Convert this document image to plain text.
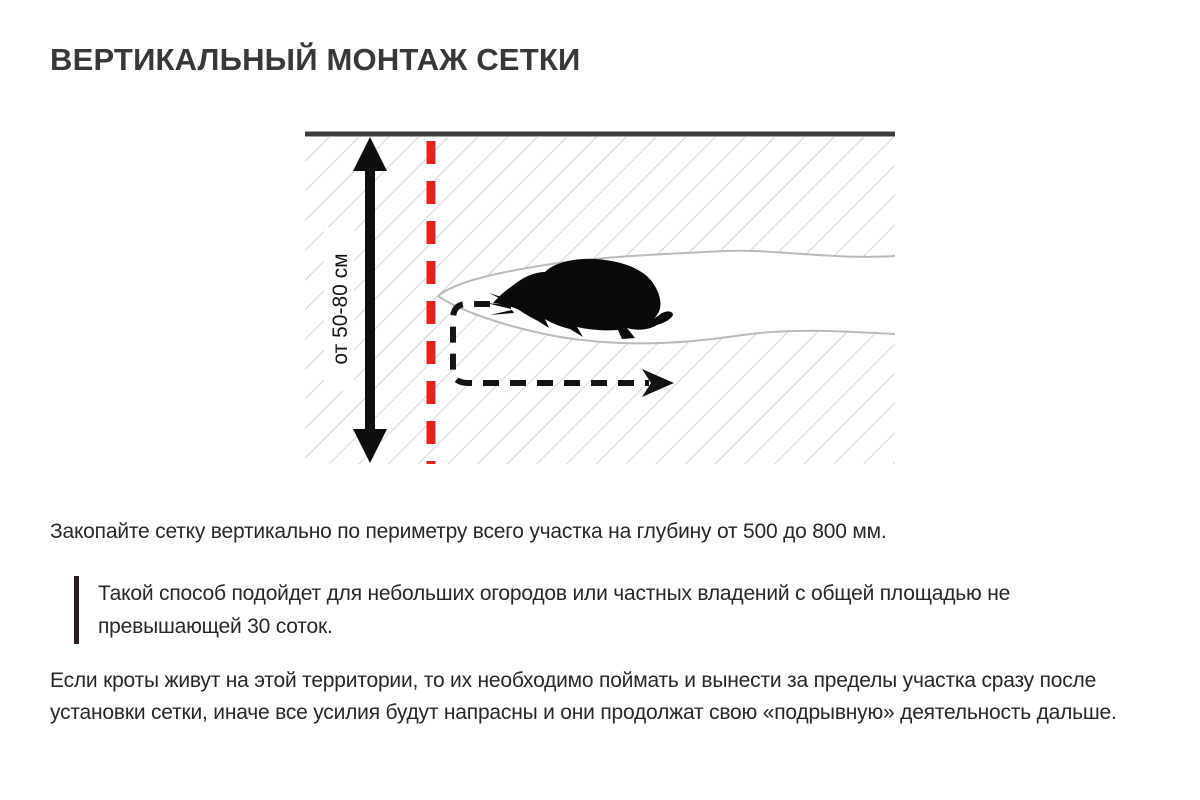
ВЕРТИКАЛЬНЫЙ МОНТАЖ СЕТКИ
от 50-80 см

Закопайте сетку вертикально по периметру всего участка на глубину от 500 до 800 мм.

Такой способ подойдет для небольших огородов или частных владений с общей площадью не превышающей 30 соток.

Если кроты живут на этой территории, то их необходимо поймать и вынести за пределы участка сразу после установки сетки, иначе все усилия будут напрасны и они продолжат свою «подрывную» деятельность дальше.
